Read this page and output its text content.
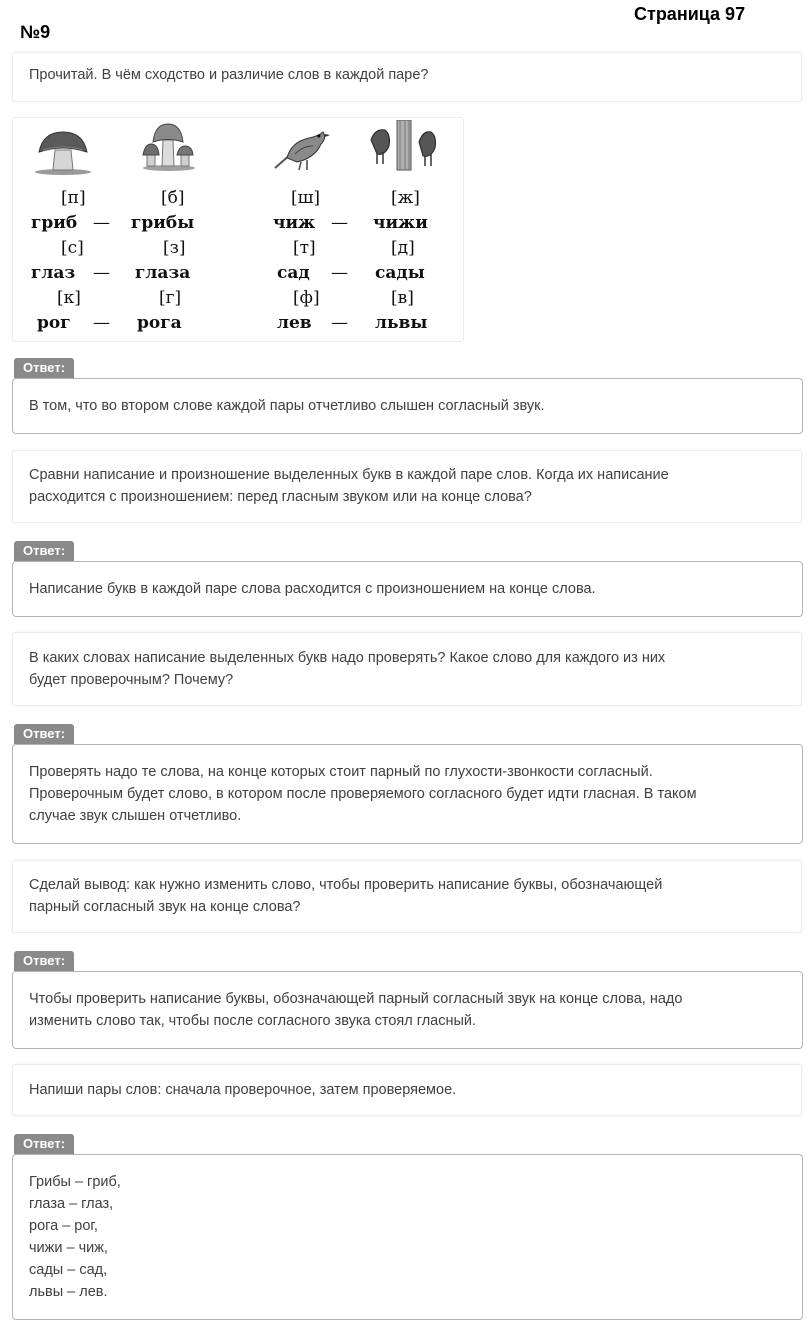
Страница 97
№9
Прочитай. В чём сходство и различие слов в каждой паре?
[п]	[б]
гриб — грибы
[с]	[з]
глаз — глаза
[к]	[г]
рог — рога
[ш]	[ж]
чиж — чижи
[т]	[д]
сад — сады
[ф]	[в]
лев — львы
Ответ:
В том, что во втором слове каждой пары отчетливо слышен согласный звук.
Сравни написание и произношение выделенных букв в каждой паре слов. Когда их написание
расходится с произношением: перед гласным звуком или на конце слова?
Ответ:
Написание букв в каждой паре слова расходится с произношением на конце слова.
В каких словах написание выделенных букв надо проверять? Какое слово для каждого из них
будет проверочным? Почему?
Ответ:
Проверять надо те слова, на конце которых стоит парный по глухости-звонкости согласный.
Проверочным будет слово, в котором после проверяемого согласного будет идти гласная. В таком
случае звук слышен отчетливо.
Сделай вывод: как нужно изменить слово, чтобы проверить написание буквы, обозначающей
парный согласный звук на конце слова?
Ответ:
Чтобы проверить написание буквы, обозначающей парный согласный звук на конце слова, надо
изменить слово так, чтобы после согласного звука стоял гласный.
Напиши пары слов: сначала проверочное, затем проверяемое.
Ответ:
Грибы – гриб,
глаза – глаз,
рога – рог,
чижи – чиж,
сады – сад,
львы – лев.
